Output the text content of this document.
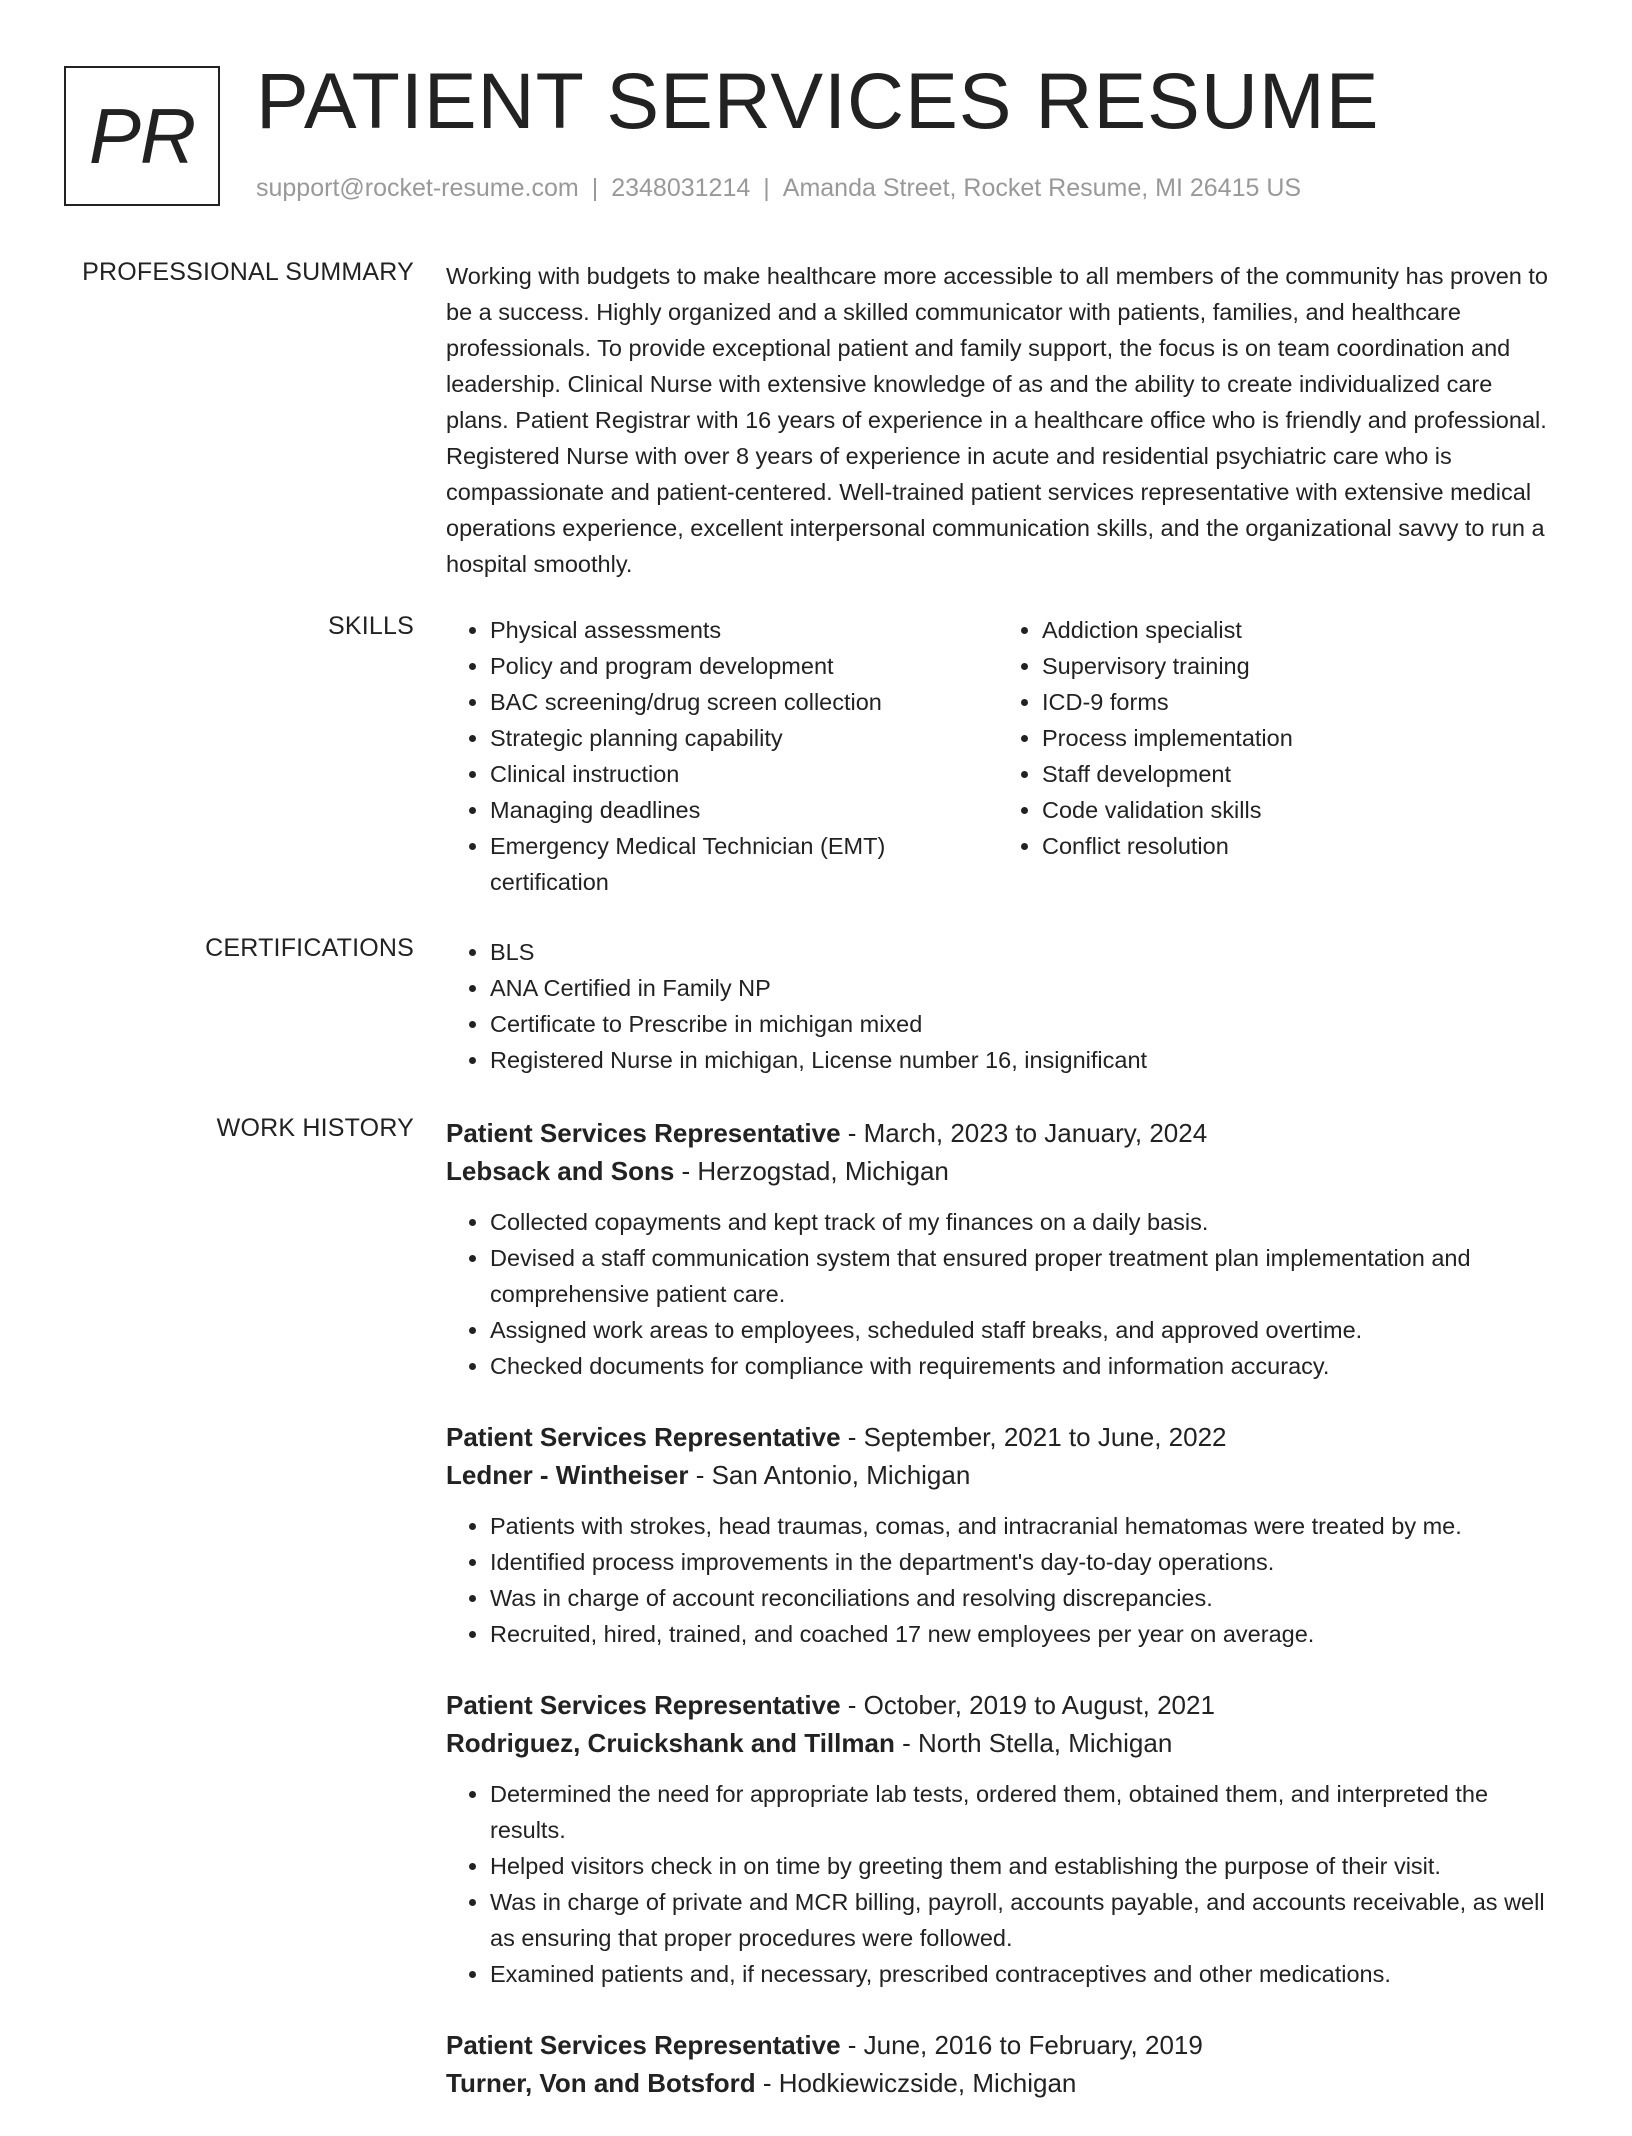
PR PATIENT SERVICES RESUME
support@rocket-resume.com | 2348031214 | Amanda Street, Rocket Resume, MI 26415 US
PROFESSIONAL SUMMARY Working with budgets to make healthcare more accessible to all members of the community has proven to be a success. Highly organized and a skilled communicator with patients, families, and healthcare professionals. To provide exceptional patient and family support, the focus is on team coordination and leadership. Clinical Nurse with extensive knowledge of as and the ability to create individualized care plans. Patient Registrar with 16 years of experience in a healthcare office who is friendly and professional. Registered Nurse with over 8 years of experience in acute and residential psychiatric care who is compassionate and patient-centered. Well-trained patient services representative with extensive medical operations experience, excellent interpersonal communication skills, and the organizational savvy to run a hospital smoothly.
SKILLS	• Physical assessments
• Policy and program development
• BAC screening/drug screen collection
• Strategic planning capability
• Clinical instruction
• Managing deadlines
• Emergency Medical Technician (EMT) certification
• Addiction specialist
• Supervisory training
• ICD-9 forms
• Process implementation
• Staff development
• Code validation skills
• Conflict resolution
CERTIFICATIONS	• BLS
• ANA Certified in Family NP
• Certificate to Prescribe in michigan mixed
• Registered Nurse in michigan, License number 16, insignificant
WORK HISTORY Patient Services Representative - March, 2023 to January, 2024
Lebsack and Sons - Herzogstad, Michigan
• Collected copayments and kept track of my finances on a daily basis.
• Devised a staff communication system that ensured proper treatment plan implementation and comprehensive patient care.
• Assigned work areas to employees, scheduled staff breaks, and approved overtime.
• Checked documents for compliance with requirements and information accuracy.
Patient Services Representative - September, 2021 to June, 2022
Ledner - Wintheiser - San Antonio, Michigan
• Patients with strokes, head traumas, comas, and intracranial hematomas were treated by me.
• Identified process improvements in the department's day-to-day operations.
• Was in charge of account reconciliations and resolving discrepancies.
• Recruited, hired, trained, and coached 17 new employees per year on average.
Patient Services Representative - October, 2019 to August, 2021
Rodriguez, Cruickshank and Tillman - North Stella, Michigan
• Determined the need for appropriate lab tests, ordered them, obtained them, and interpreted the results.
• Helped visitors check in on time by greeting them and establishing the purpose of their visit.
• Was in charge of private and MCR billing, payroll, accounts payable, and accounts receivable, as well as ensuring that proper procedures were followed.
• Examined patients and, if necessary, prescribed contraceptives and other medications.
Patient Services Representative - June, 2016 to February, 2019
Turner, Von and Botsford - Hodkiewiczside, Michigan
